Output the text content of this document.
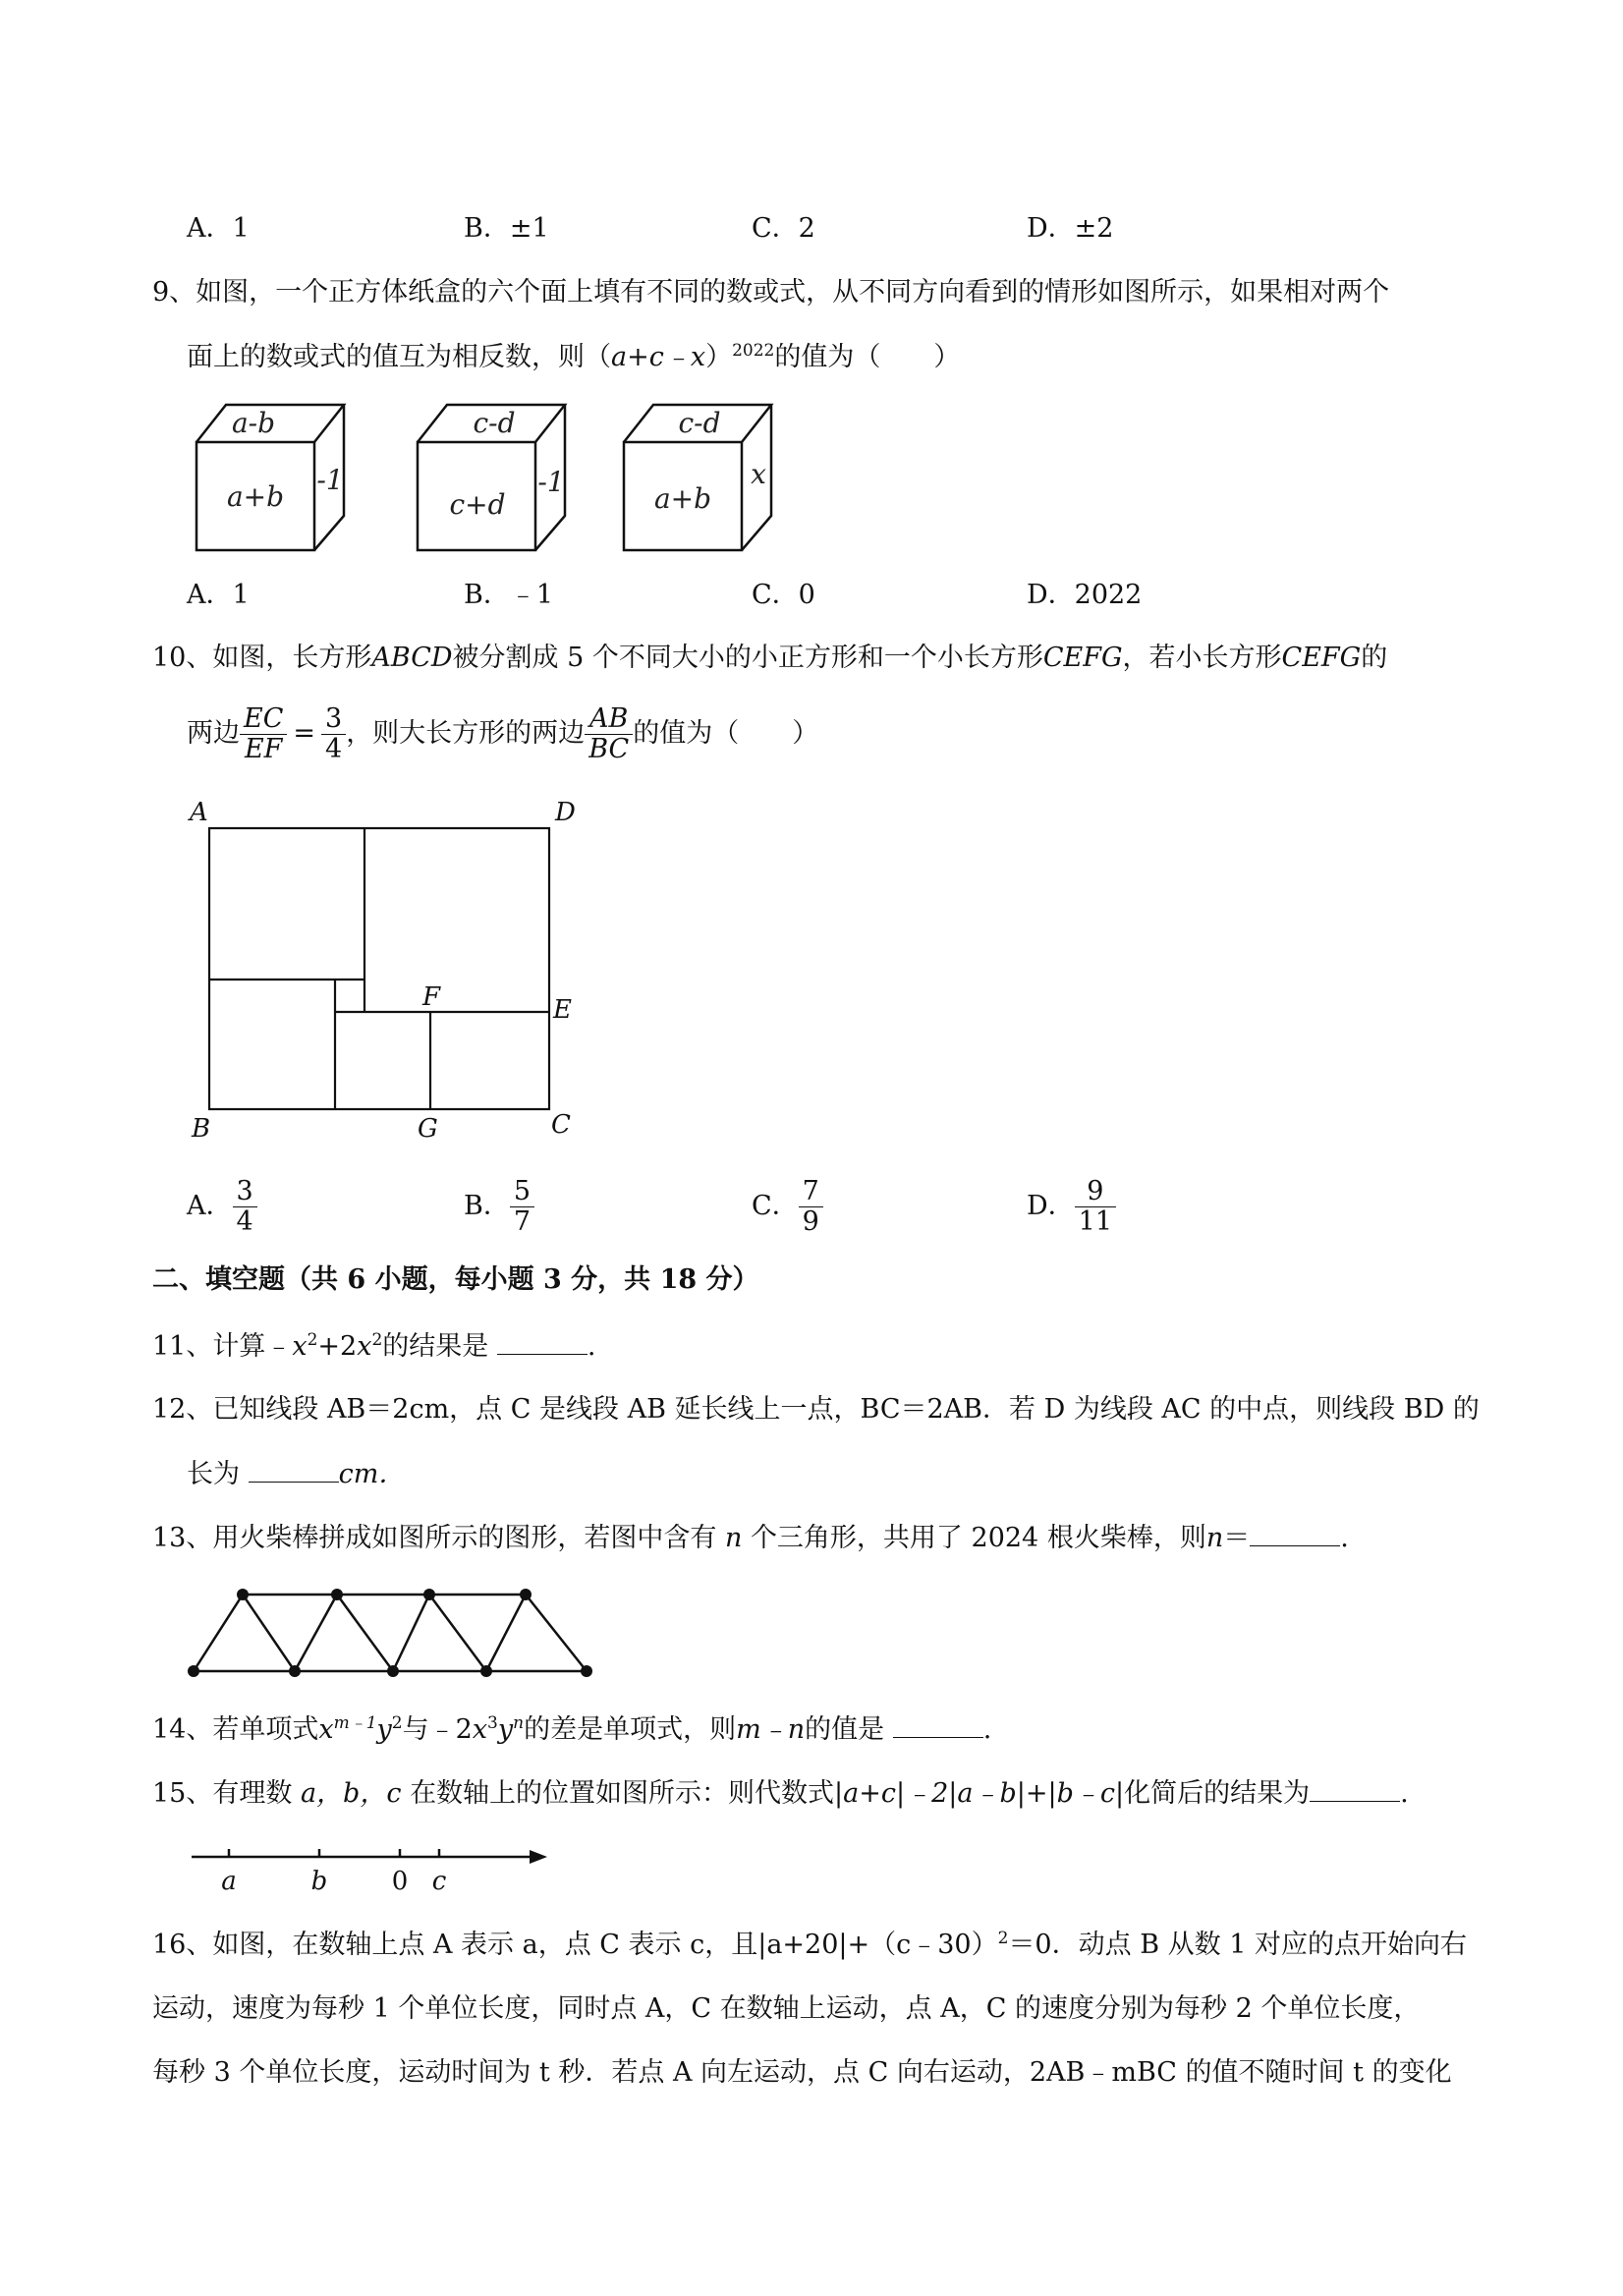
A．1	B．±1	C．2	D．±2
9、如图，一个正方体纸盒的六个面上填有不同的数或式，从不同方向看到的情形如图所示，如果相对两个
面上的数或式的值互为相反数，则（a+c﹣x）$^{2022}$的值为（　　）
a-b
a+b
-1
c-d
c+d
-1
c-d
a+b
x
A．1	B．﹣1	C．0	D．2022
10、如图，长方形ABCD被分割成 5 个不同大小的小正方形和一个小长方形CEFG，若小长方形CEFG的
两边 $\frac{EC}{EF} = \frac{3}{4}$ ，则大长方形的两边 $\frac{AB}{BC}$ 的值为（　　）
A	D
E
F
B	G	C
A． $\frac{3}{4}$	B． $\frac{5}{7}$	C． $\frac{7}{9}$	D． $\frac{9}{11}$
二、填空题（共 6 小题，每小题 3 分，共 18 分）
11、计算$﹣x^2+2x^2$的结果是	.
12、已知线段 AB＝2cm，点 C 是线段 AB 延长线上一点，BC＝2AB．若 D 为线段 AC 的中点，则线段 BD 的
长为	cm．
13、用火柴棒拼成如图所示的图形，若图中含有 n 个三角形，共用了 2024 根火柴棒，则n＝	.
14、若单项式$x^{m﹣1}y^2$与$﹣2x^3y^n$的差是单项式，则m﹣n的值是	.
15、有理数 a，b，c 在数轴上的位置如图所示：则代数式|a+c|﹣2|a﹣b|+|b﹣c|化简后的结果为	.
a	b	0 c
16、如图，在数轴上点 A 表示 a，点 C 表示 c，且|a+20|+（c﹣30）$^2$＝0．动点 B 从数 1 对应的点开始向右
运动，速度为每秒 1 个单位长度，同时点 A，C 在数轴上运动，点 A，C 的速度分别为每秒 2 个单位长度，
每秒 3 个单位长度，运动时间为 t 秒．若点 A 向左运动，点 C 向右运动，2AB﹣mBC 的值不随时间 t 的变化
